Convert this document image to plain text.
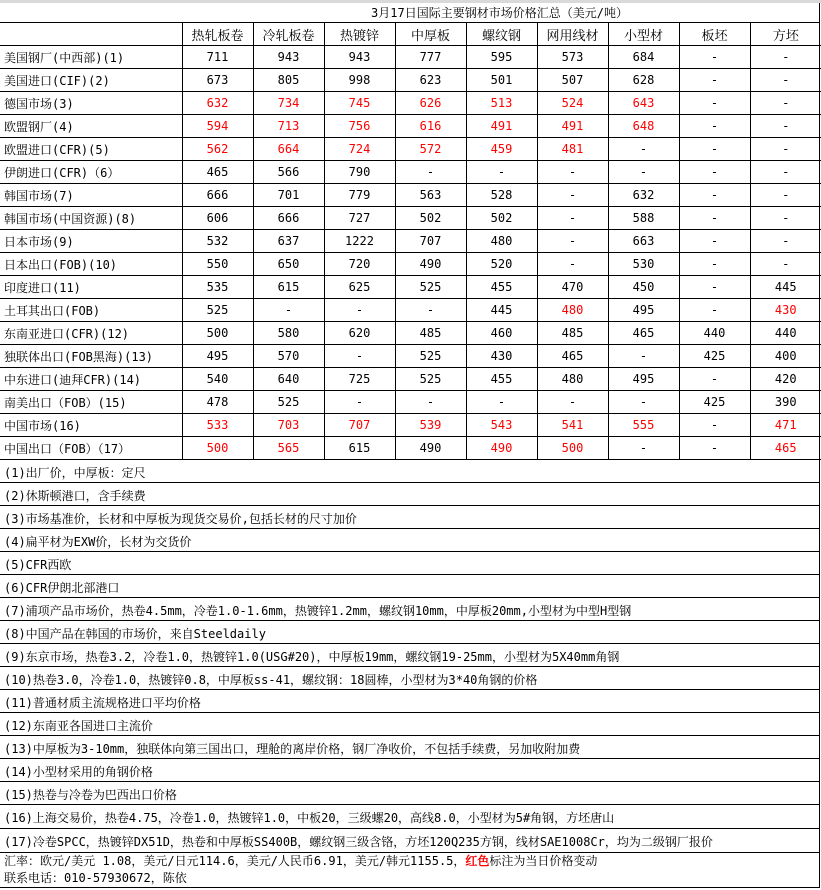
3月17日国际主要钢材市场价格汇总（美元/吨）
	热轧板卷	冷轧板卷	热镀锌	中厚板	螺纹钢	网用线材	小型材	板坯	方坯
美国钢厂(中西部)(1)	711	943	943	777	595	573	684	-	-
美国进口(CIF)(2)	673	805	998	623	501	507	628	-	-
德国市场(3)	632	734	745	626	513	524	643	-	-
欧盟钢厂(4)	594	713	756	616	491	491	648	-	-
欧盟进口(CFR)(5)	562	664	724	572	459	481	-	-	-
伊朗进口(CFR)（6）	465	566	790	-	-	-	-	-	-
韩国市场(7)	666	701	779	563	528	-	632	-	-
韩国市场(中国资源)(8)	606	666	727	502	502	-	588	-	-
日本市场(9)	532	637	1222	707	480	-	663	-	-
日本出口(FOB)(10)	550	650	720	490	520	-	530	-	-
印度进口(11)	535	615	625	525	455	470	450	-	445
土耳其出口(FOB)	525	-	-	-	445	480	495	-	430
东南亚进口(CFR)(12)	500	580	620	485	460	485	465	440	440
独联体出口(FOB黑海)(13)	495	570	-	525	430	465	-	425	400
中东进口(迪拜CFR)(14)	540	640	725	525	455	480	495	-	420
南美出口（FOB）(15)	478	525	-	-	-	-	-	425	390
中国市场(16)	533	703	707	539	543	541	555	-	471
中国出口（FOB）（17）	500	565	615	490	490	500	-	-	465
(1)出厂价，中厚板：定尺
(2)休斯顿港口，含手续费
(3)市场基准价，长材和中厚板为现货交易价,包括长材的尺寸加价
(4)扁平材为EXW价，长材为交货价
(5)CFR西欧
(6)CFR伊朗北部港口
(7)浦项产品市场价，热卷4.5mm，冷卷1.0-1.6mm，热镀锌1.2mm，螺纹钢10mm，中厚板20mm,小型材为中型H型钢
(8)中国产品在韩国的市场价，来自Steeldaily
(9)东京市场，热卷3.2，冷卷1.0，热镀锌1.0(USG#20)，中厚板19mm，螺纹钢19-25mm，小型材为5X40mm角钢
(10)热卷3.0，冷卷1.0，热镀锌0.8，中厚板ss-41，螺纹钢：18圆棒，小型材为3*40角钢的价格
(11)普通材质主流规格进口平均价格
(12)东南亚各国进口主流价
(13)中厚板为3-10mm，独联体向第三国出口，理舱的离岸价格，钢厂净收价，不包括手续费，另加收附加费
(14)小型材采用的角钢价格
(15)热卷与冷卷为巴西出口价格
(16)上海交易价，热卷4.75，冷卷1.0，热镀锌1.0，中板20，三级螺20，高线8.0，小型材为5#角钢，方坯唐山
(17)冷卷SPCC，热镀锌DX51D，热卷和中厚板SS400B，螺纹钢三级含铬，方坯120Q235方钢，线材SAE1008Cr，均为二级钢厂报价
汇率：欧元/美元 1.08，美元/日元114.6，美元/人民币6.91，美元/韩元1155.5，红色标注为当日价格变动
联系电话：010-57930672，陈依
